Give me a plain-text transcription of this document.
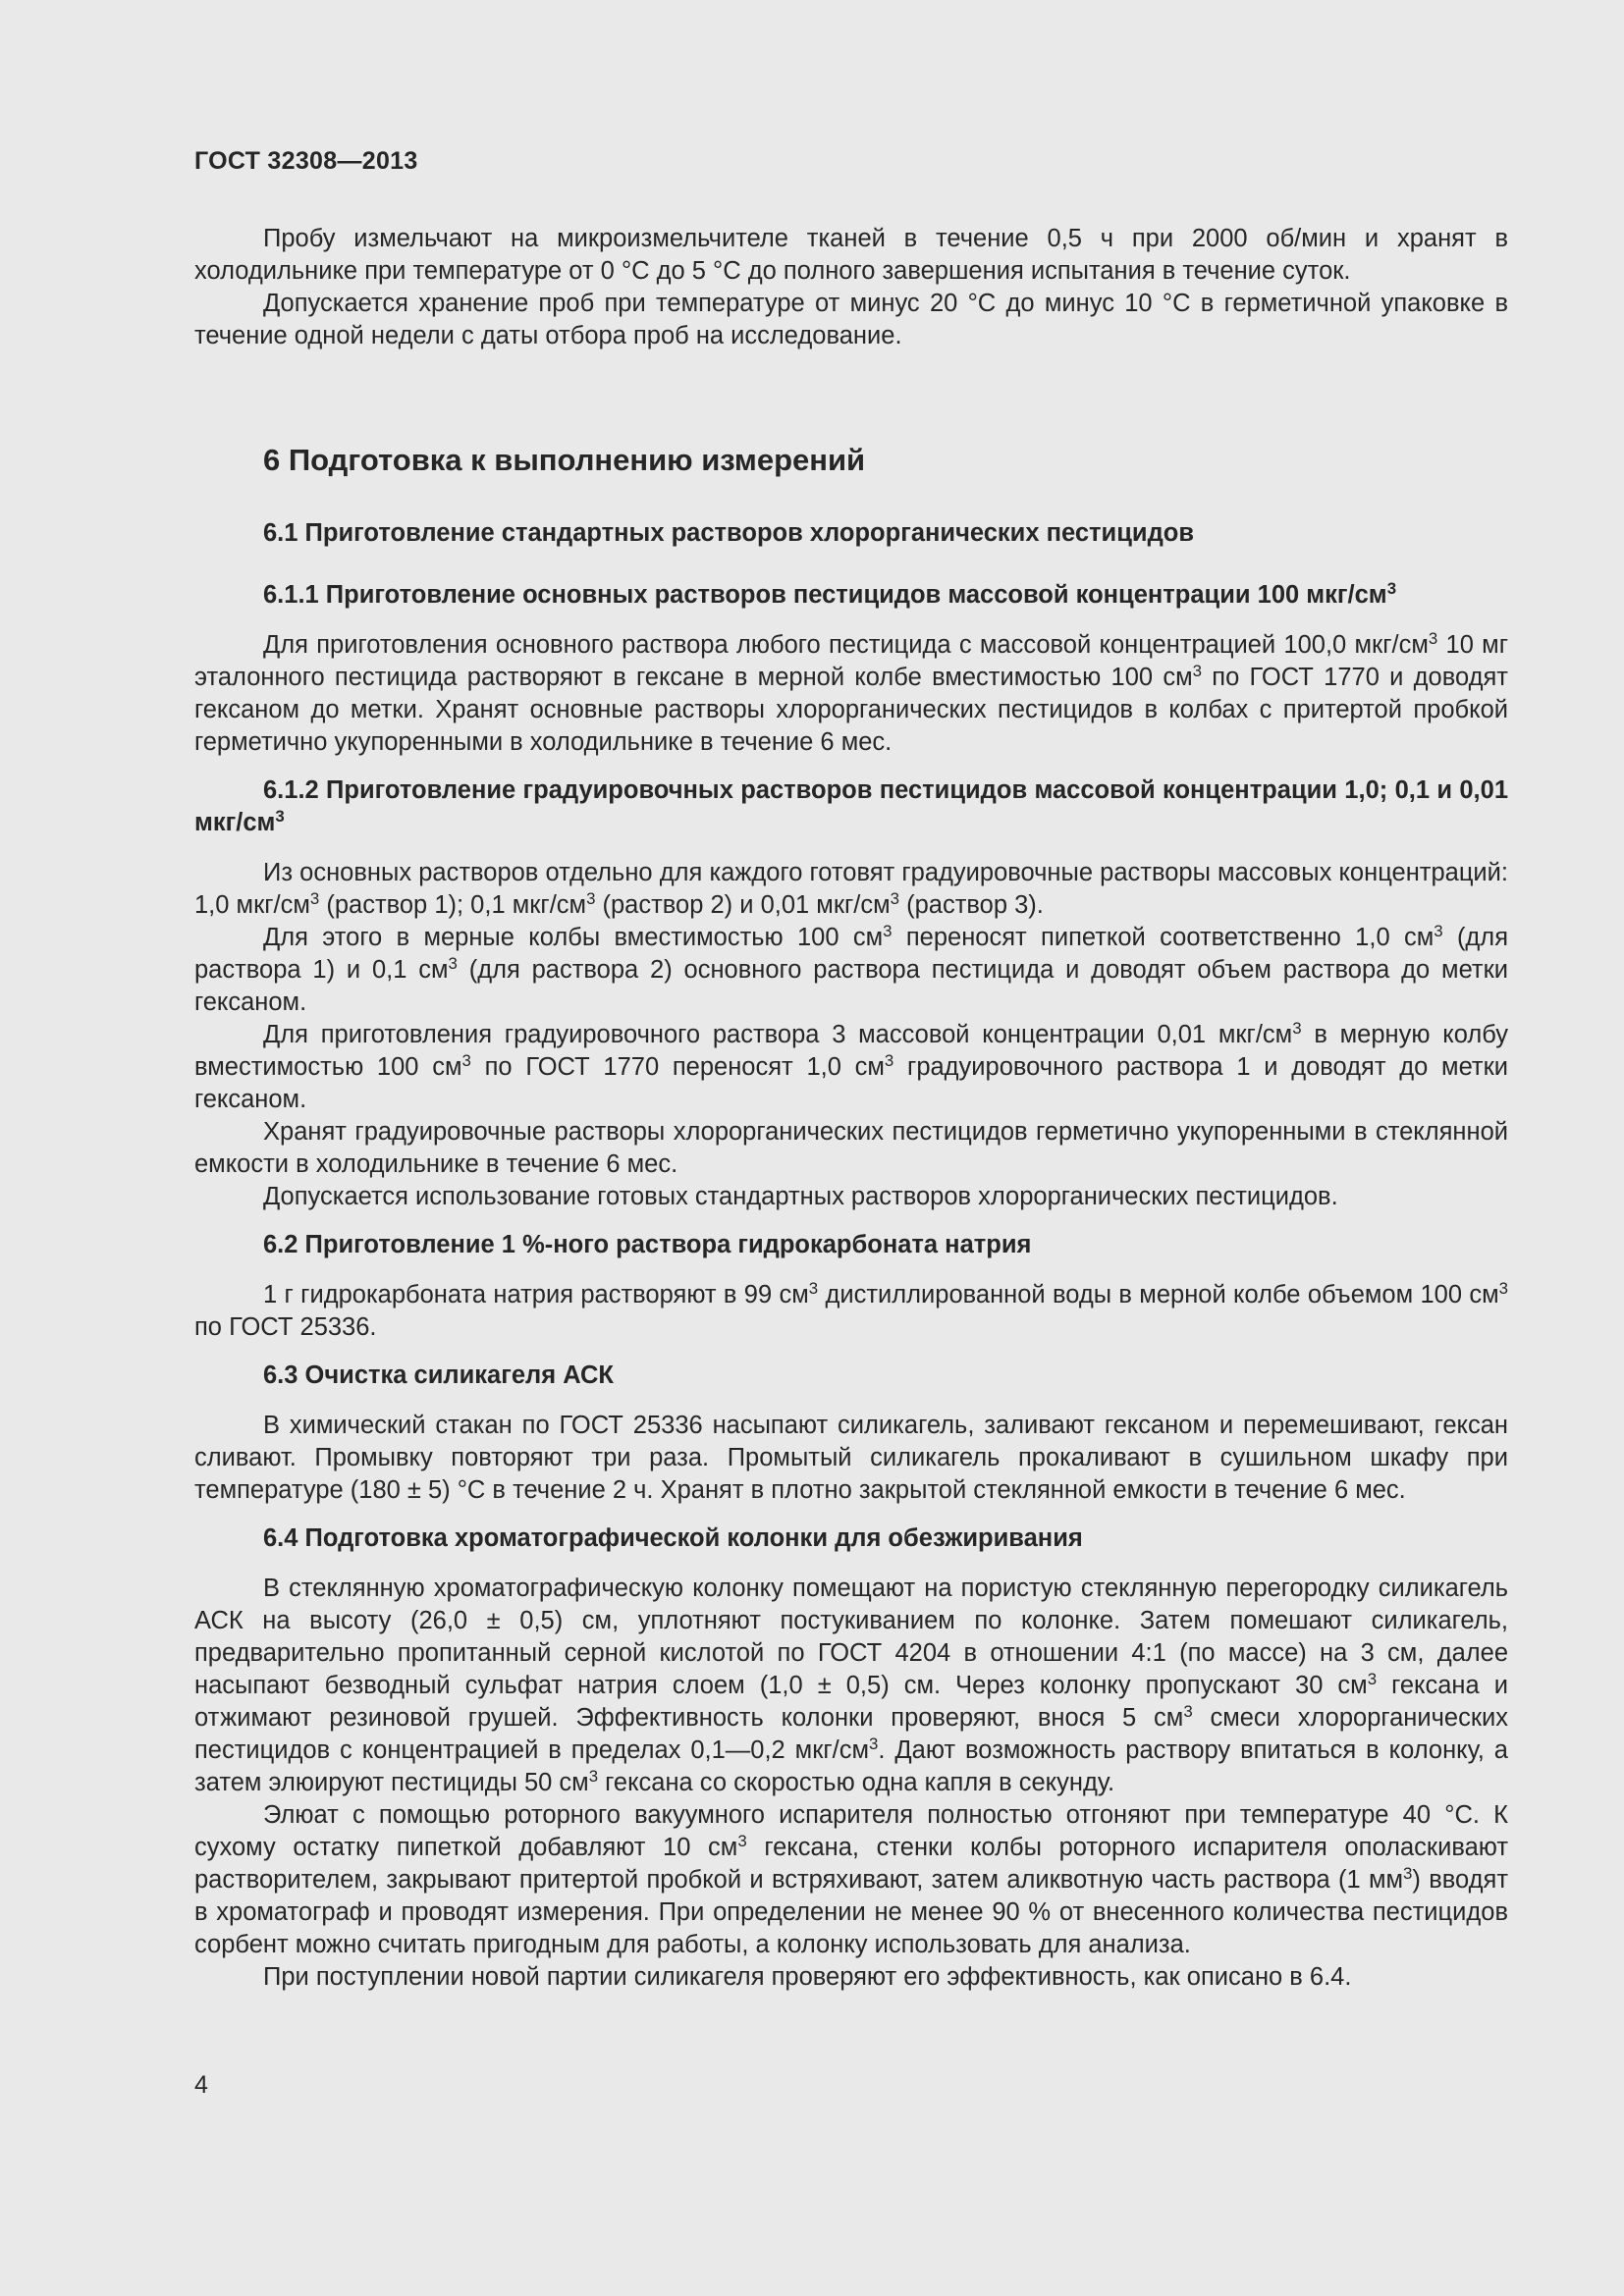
ГОСТ 32308—2013

Пробу измельчают на микроизмельчителе тканей в течение 0,5 ч при 2000 об/мин и хранят в холодильнике при температуре от 0 °С до 5 °С до полного завершения испытания в течение суток.

Допускается хранение проб при температуре от минус 20 °С до минус 10 °С в герметичной упаковке в течение одной недели с даты отбора проб на исследование.

6 Подготовка к выполнению измерений
6.1 Приготовление стандартных растворов хлорорганических пестицидов
6.1.1 Приготовление основных растворов пестицидов массовой концентрации 100 мкг/$см^3$

Для приготовления основного раствора любого пестицида с массовой концентрацией 100,0 мкг/$см^3$ 10 мг эталонного пестицида растворяют в гексане в мерной колбе вместимостью 100 $см^3$ по ГОСТ 1770 и доводят гексаном до метки. Хранят основные растворы хлорорганических пестицидов в колбах с притертой пробкой герметично укупоренными в холодильнике в течение 6 мес.

6.1.2 Приготовление градуировочных растворов пестицидов массовой концентрации 1,0; 0,1 и 0,01 мкг/$см^3$

Из основных растворов отдельно для каждого готовят градуировочные растворы массовых концентраций: 1,0 мкг/$см^3$ (раствор 1); 0,1 мкг/$см^3$ (раствор 2) и 0,01 мкг/$см^3$ (раствор 3).

Для этого в мерные колбы вместимостью 100 $см^3$ переносят пипеткой соответственно 1,0 $см^3$ (для раствора 1) и 0,1 $см^3$ (для раствора 2) основного раствора пестицида и доводят объем раствора до метки гексаном.

Для приготовления градуировочного раствора 3 массовой концентрации 0,01 мкг/$см^3$ в мерную колбу вместимостью 100 $см^3$ по ГОСТ 1770 переносят 1,0 $см^3$ градуировочного раствора 1 и доводят до метки гексаном.

Хранят градуировочные растворы хлорорганических пестицидов герметично укупоренными в стеклянной емкости в холодильнике в течение 6 мес.

Допускается использование готовых стандартных растворов хлорорганических пестицидов.

6.2 Приготовление 1 %-ного раствора гидрокарбоната натрия

1 г гидрокарбоната натрия растворяют в 99 $см^3$ дистиллированной воды в мерной колбе объемом 100 $см^3$ по ГОСТ 25336.

6.3 Очистка силикагеля АСК

В химический стакан по ГОСТ 25336 насыпают силикагель, заливают гексаном и перемешивают, гексан сливают. Промывку повторяют три раза. Промытый силикагель прокаливают в сушильном шкафу при температуре (180 ± 5) °С в течение 2 ч. Хранят в плотно закрытой стеклянной емкости в течение 6 мес.

6.4 Подготовка хроматографической колонки для обезжиривания

В стеклянную хроматографическую колонку помещают на пористую стеклянную перегородку силикагель АСК на высоту (26,0 ± 0,5) см, уплотняют постукиванием по колонке. Затем помешают силикагель, предварительно пропитанный серной кислотой по ГОСТ 4204 в отношении 4:1 (по массе) на 3 см, далее насыпают безводный сульфат натрия слоем (1,0 ± 0,5) см. Через колонку пропускают 30 $см^3$ гексана и отжимают резиновой грушей. Эффективность колонки проверяют, внося 5 $см^3$ смеси хлорорганических пестицидов с концентрацией в пределах 0,1—0,2 мкг/$см^3$. Дают возможность раствору впитаться в колонку, а затем элюируют пестициды 50 $см^3$ гексана со скоростью одна капля в секунду.

Элюат с помощью роторного вакуумного испарителя полностью отгоняют при температуре 40 °С. К сухому остатку пипеткой добавляют 10 $см^3$ гексана, стенки колбы роторного испарителя ополаскивают растворителем, закрывают притертой пробкой и встряхивают, затем аликвотную часть раствора (1 $мм^3$) вводят в хроматограф и проводят измерения. При определении не менее 90 % от внесенного количества пестицидов сорбент можно считать пригодным для работы, а колонку использовать для анализа.

При поступлении новой партии силикагеля проверяют его эффективность, как описано в 6.4.

4
